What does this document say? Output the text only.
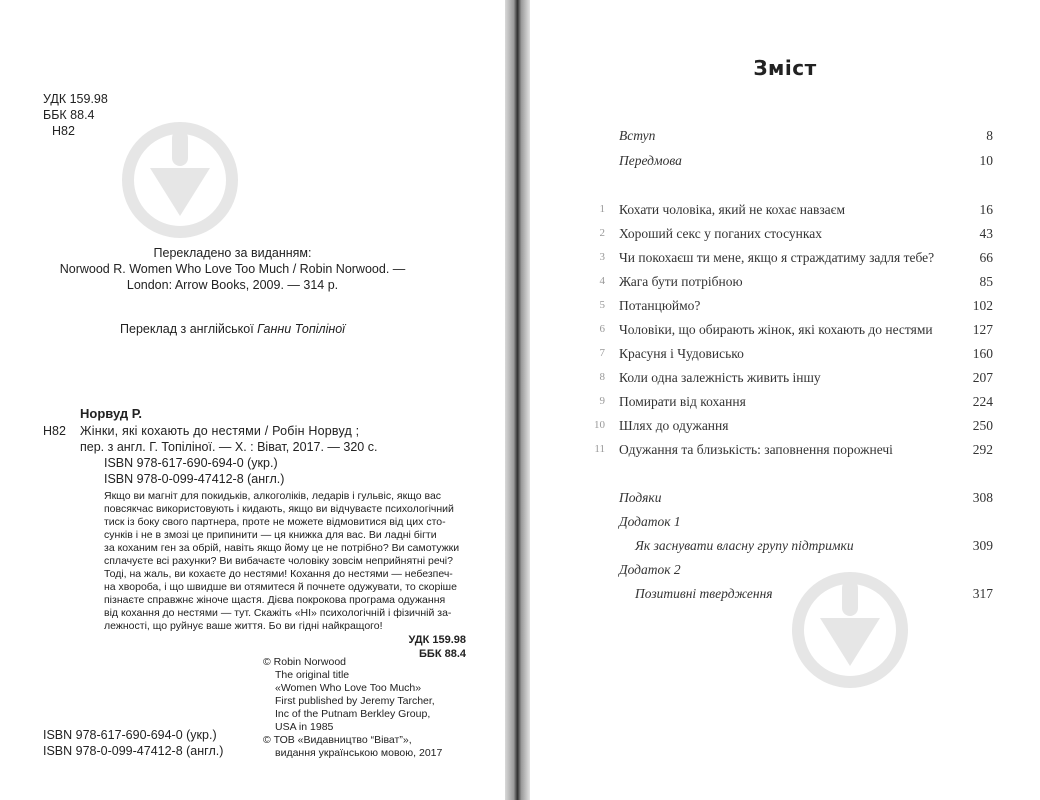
УДК 159.98
ББК 88.4
Н82
Перекладено за виданням:
Norwood R. Women Who Love Too Much / Robin Norwood. —
London: Arrow Books, 2009. — 314 p.
Переклад з англійської Ганни Топіліної
Норвуд Р.
Н82 Жінки, які кохають до нестями / Робін Норвуд ;
пер. з англ. Г. Топіліної. — Х. : Віват, 2017. — 320 с.
ISBN 978-617-690-694-0 (укр.)
ISBN 978-0-099-47412-8 (англ.)
Якщо ви магніт для покидьків, алкоголіків, ледарів і гульвіс, якщо вас
повсякчас використовують і кидають, якщо ви відчуваєте психологічний
тиск із боку свого партнера, проте не можете відмовитися від цих сто-
сунків і не в змозі це припинити — ця книжка для вас. Ви ладні бігти
за коханим ген за обрій, навіть якщо йому це не потрібно? Ви самотужки
сплачуєте всі рахунки? Ви вибачаєте чоловіку зовсім неприйнятні речі?
Тоді, на жаль, ви кохаєте до нестями! Кохання до нестями — небезпеч-
на хвороба, і що швидше ви отямитеся й почнете одужувати, то скоріше
пізнаєте справжнє жіноче щастя. Дієва покрокова програма одужання
від кохання до нестями — тут. Скажіть «НІ» психологічній і фізичній за-
лежності, що руйнує ваше життя. Бо ви гідні найкращого!
УДК 159.98
ББК 88.4
© Robin Norwood
The original title
«Women Who Love Too Much»
First published by Jeremy Tarcher,
Inc of the Putnam Berkley Group,
USA in 1985
© ТОВ «Видавництво “Віват”»,
видання українською мовою, 2017
ISBN 978-617-690-694-0 (укр.)
ISBN 978-0-099-47412-8 (англ.)
Зміст
Вступ	8
Передмова	10
1 Кохати чоловіка, який не кохає навзаєм	16
2 Хороший секс у поганих стосунках	43
3 Чи покохаєш ти мене, якщо я страждатиму задля тебе?	66
4 Жага бути потрібною	85
5 Потанцюймо?	102
6 Чоловіки, що обирають жінок, які кохають до нестями	127
7 Красуня і Чудовисько	160
8 Коли одна залежність живить іншу	207
9 Помирати від кохання	224
10 Шлях до одужання	250
11 Одужання та близькість: заповнення порожнечі	292
Подяки	308
Додаток 1
Як заснувати власну групу підтримки	309
Додаток 2
Позитивні твердження	317
